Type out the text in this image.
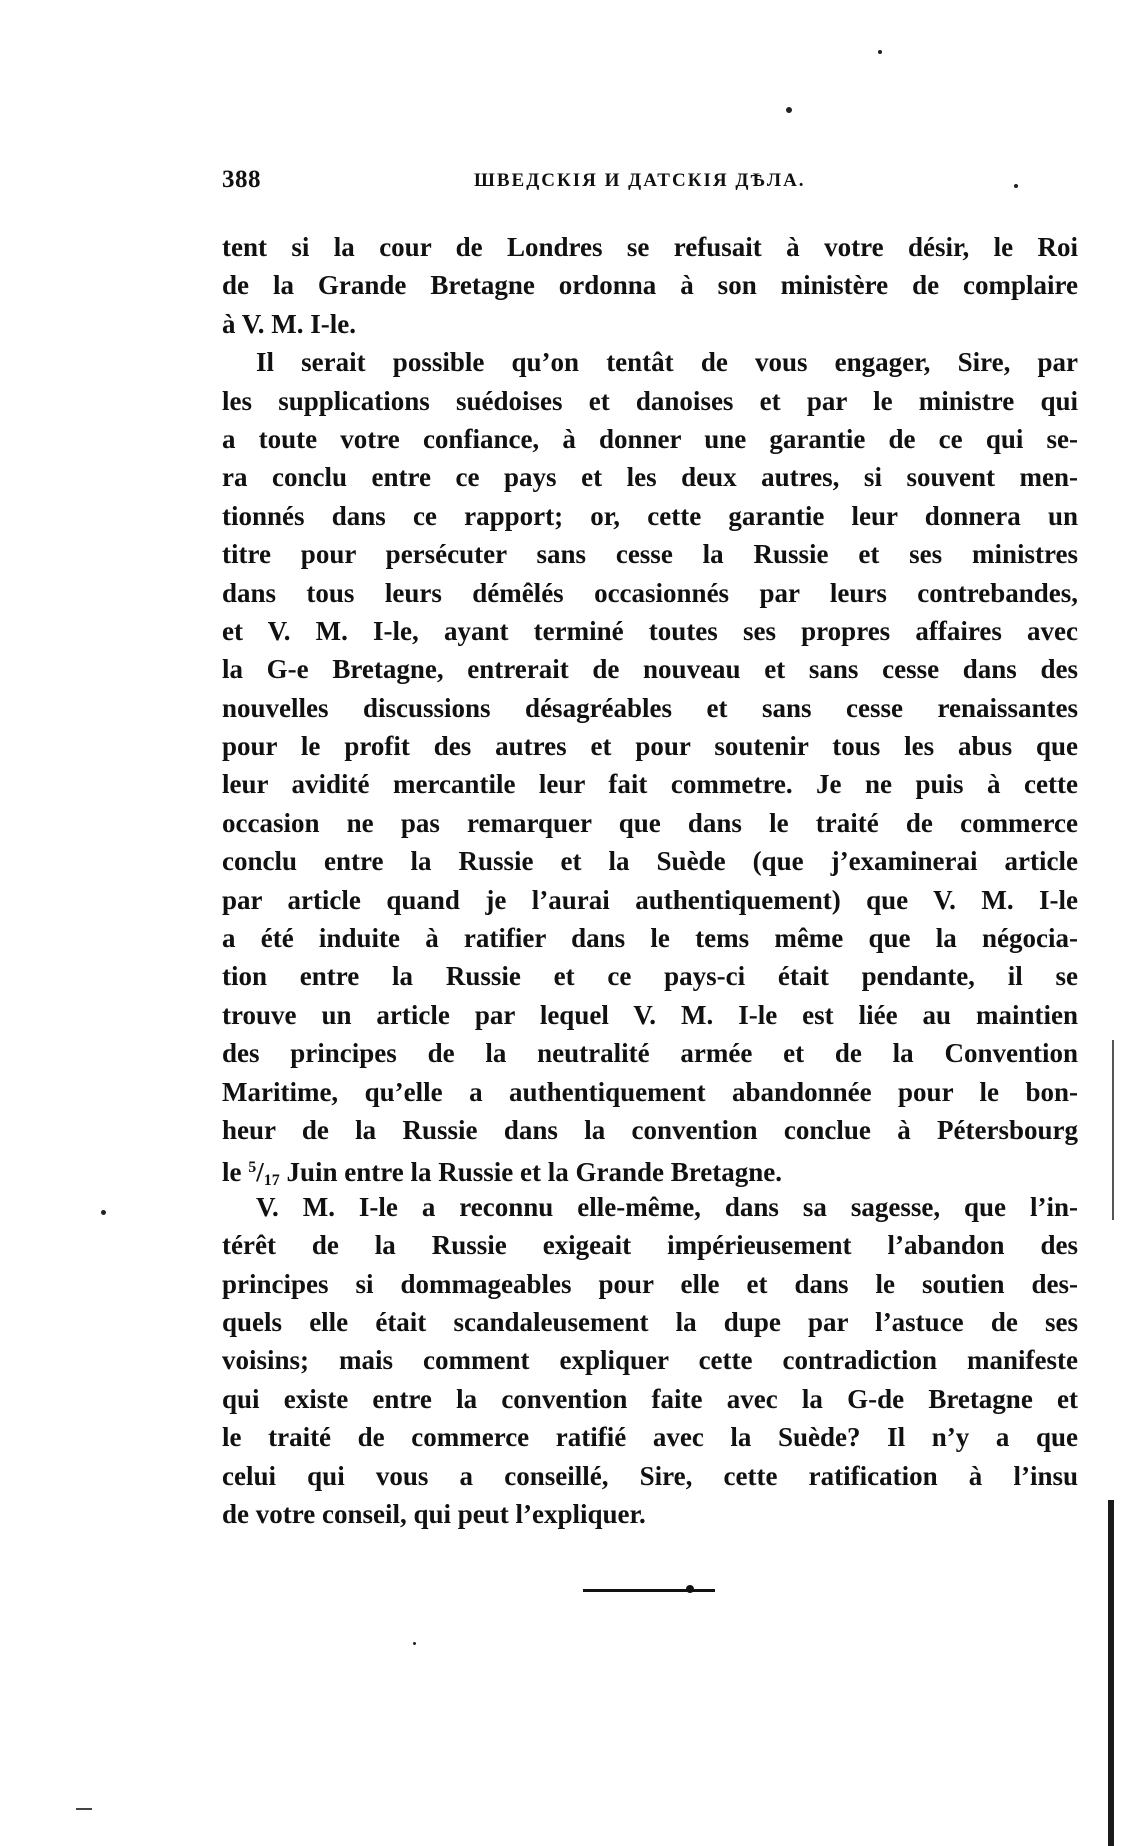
388	ШВЕДСКІЯ И ДАТСКІЯ ДѢЛА.
tent si la cour de Londres se refusait à votre désir, le Roi
de la Grande Bretagne ordonna à son ministère de complaire
à V. M. I-le.
Il serait possible qu’on tentât de vous engager, Sire, par
les supplications suédoises et danoises et par le ministre qui
a toute votre confiance, à donner une garantie de ce qui se-
ra conclu entre ce pays et les deux autres, si souvent men-
tionnés dans ce rapport; or, cette garantie leur donnera un
titre pour persécuter sans cesse la Russie et ses ministres
dans tous leurs démêlés occasionnés par leurs contrebandes,
et V. M. I-le, ayant terminé toutes ses propres affaires avec
la G-e Bretagne, entrerait de nouveau et sans cesse dans des
nouvelles discussions désagréables et sans cesse renaissantes
pour le profit des autres et pour soutenir tous les abus que
leur avidité mercantile leur fait commetre. Je ne puis à cette
occasion ne pas remarquer que dans le traité de commerce
conclu entre la Russie et la Suède (que j’examinerai article
par article quand je l’aurai authentiquement) que V. M. I-le
a été induite à ratifier dans le tems même que la négocia-
tion entre la Russie et ce pays-ci était pendante, il se
trouve un article par lequel V. M. I-le est liée au maintien
des principes de la neutralité armée et de la Convention
Maritime, qu’elle a authentiquement abandonnée pour le bon-
heur de la Russie dans la convention conclue à Pétersbourg
le $^5$/17 Juin entre la Russie et la Grande Bretagne.
V. M. I-le a reconnu elle-même, dans sa sagesse, que l’in-
térêt de la Russie exigeait impérieusement l’abandon des
principes si dommageables pour elle et dans le soutien des-
quels elle était scandaleusement la dupe par l’astuce de ses
voisins; mais comment expliquer cette contradiction manifeste
qui existe entre la convention faite avec la G-de Bretagne et
le traité de commerce ratifié avec la Suède? Il n’y a que
celui qui vous a conseillé, Sire, cette ratification à l’insu
de votre conseil, qui peut l’expliquer.
